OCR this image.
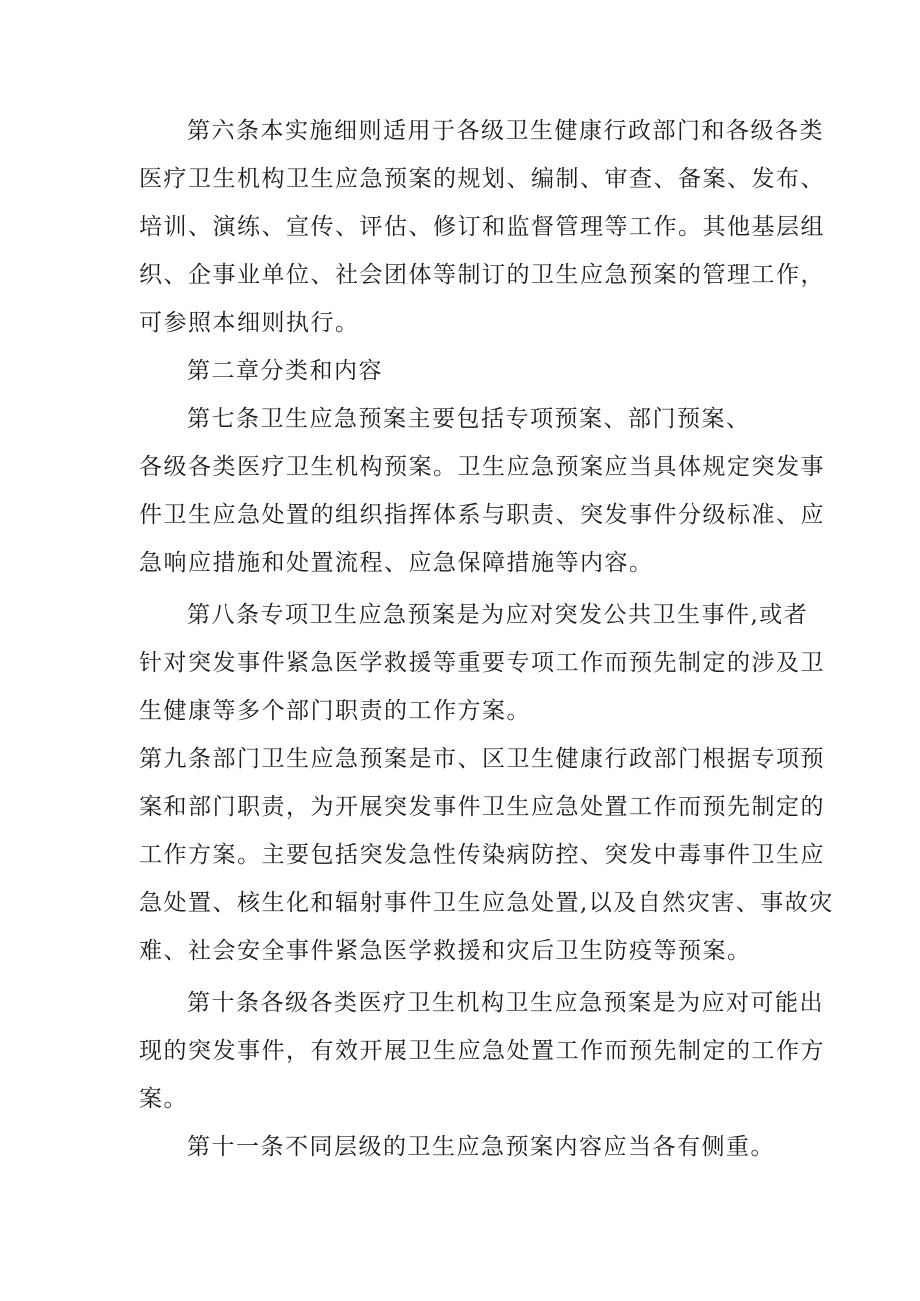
第六条本实施细则适用于各级卫生健康行政部门和各级各类
医疗卫生机构卫生应急预案的规划、编制、审查、备案、发布、
培训、演练、宣传、评估、修订和监督管理等工作。其他基层组
织、企事业单位、社会团体等制订的卫生应急预案的管理工作，
可参照本细则执行。
第二章分类和内容
第七条卫生应急预案主要包括专项预案、部门预案、
各级各类医疗卫生机构预案。卫生应急预案应当具体规定突发事
件卫生应急处置的组织指挥体系与职责、突发事件分级标准、应
急响应措施和处置流程、应急保障措施等内容。
第八条专项卫生应急预案是为应对突发公共卫生事件,或者
针对突发事件紧急医学救援等重要专项工作而预先制定的涉及卫
生健康等多个部门职责的工作方案。
第九条部门卫生应急预案是市、区卫生健康行政部门根据专项预
案和部门职责，为开展突发事件卫生应急处置工作而预先制定的
工作方案。主要包括突发急性传染病防控、突发中毒事件卫生应
急处置、核生化和辐射事件卫生应急处置,以及自然灾害、事故灾
难、社会安全事件紧急医学救援和灾后卫生防疫等预案。
第十条各级各类医疗卫生机构卫生应急预案是为应对可能出
现的突发事件，有效开展卫生应急处置工作而预先制定的工作方
案。
第十一条不同层级的卫生应急预案内容应当各有侧重。
